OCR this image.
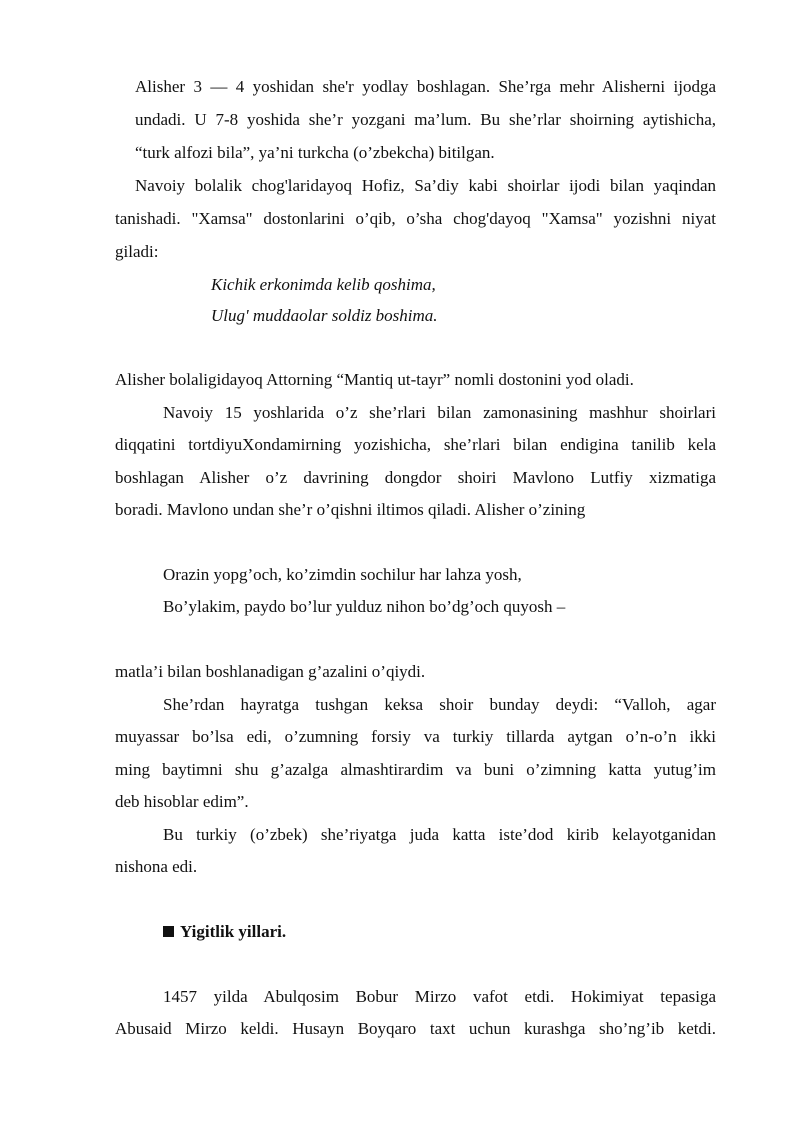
Alisher 3 — 4 yoshidan she'r yodlay boshlagan. She’rga mehr Alisherni ijodga
undadi. U 7-8 yoshida she’r yozgani ma’lum. Bu she’rlar shoirning aytishicha,
“turk alfozi bila”, ya’ni turkcha (o’zbekcha) bitilgan.
Navoiy bolalik chog'laridayoq Hofiz, Sa’diy kabi shoirlar ijodi bilan yaqindan
tanishadi. "Xamsa" dostonlarini o’qib, o’sha chog'dayoq "Xamsa" yozishni niyat
giladi:
Kichik erkonimda kelib qoshima,
Ulug' muddaolar soldiz boshima.
Alisher bolaligidayoq Attorning “Mantiq ut-tayr” nomli dostonini yod oladi.
Navoiy 15 yoshlarida o’z she’rlari bilan zamonasining mashhur shoirlari
diqqatini tortdiyuXondamirning yozishicha, she’rlari bilan endigina tanilib kela
boshlagan Alisher o’z davrining dongdor shoiri Mavlono Lutfiy xizmatiga
boradi. Mavlono undan she’r o’qishni iltimos qiladi. Alisher o’zining
Orazin yopg’och, ko’zimdin sochilur har lahza yosh,
Bo’ylakim, paydo bo’lur yulduz nihon bo’dg’och quyosh –
matla’i bilan boshlanadigan g’azalini o’qiydi.
She’rdan hayratga tushgan keksa shoir bunday deydi: “Valloh, agar
muyassar bo’lsa edi, o’zumning forsiy va turkiy tillarda aytgan o’n-o’n ikki
ming baytimni shu g’azalga almashtirardim va buni o’zimning katta yutug’im
deb hisoblar edim”.
Bu turkiy (o’zbek) she’riyatga juda katta iste’dod kirib kelayotganidan
nishona edi.
Yigitlik yillari.
1457 yilda Abulqosim Bobur Mirzo vafot etdi. Hokimiyat tepasiga
Abusaid Mirzo keldi. Husayn Boyqaro taxt uchun kurashga sho’ng’ib ketdi.
